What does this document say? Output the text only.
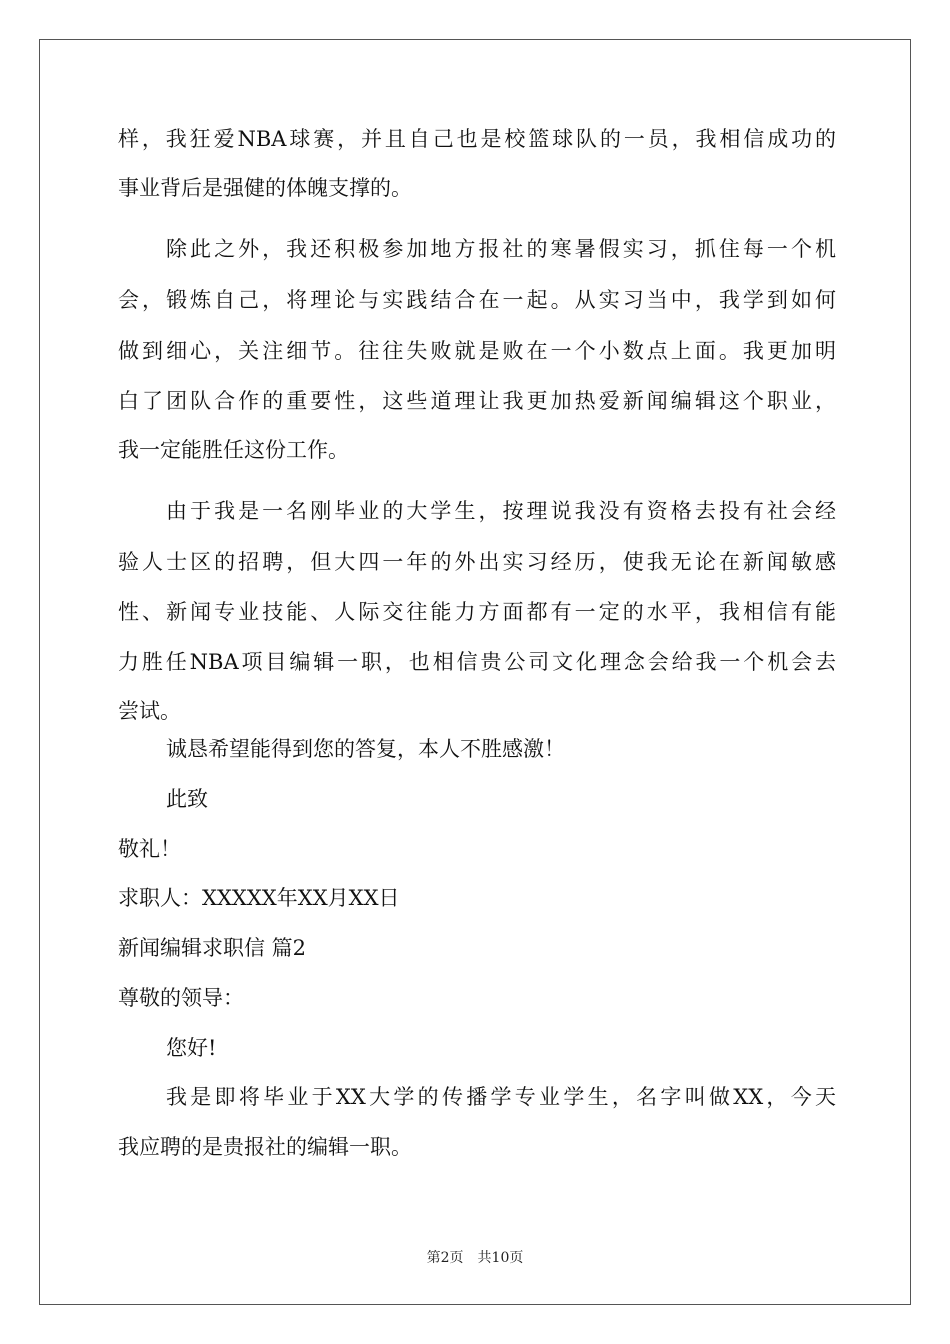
样，我狂爱NBA球赛，并且自己也是校篮球队的一员，我相信成功的
事业背后是强健的体魄支撑的。
除此之外，我还积极参加地方报社的寒暑假实习，抓住每一个机
会，锻炼自己，将理论与实践结合在一起。从实习当中，我学到如何
做到细心，关注细节。往往失败就是败在一个小数点上面。我更加明
白了团队合作的重要性，这些道理让我更加热爱新闻编辑这个职业，
我一定能胜任这份工作。
由于我是一名刚毕业的大学生，按理说我没有资格去投有社会经
验人士区的招聘，但大四一年的外出实习经历，使我无论在新闻敏感
性、新闻专业技能、人际交往能力方面都有一定的水平，我相信有能
力胜任NBA项目编辑一职，也相信贵公司文化理念会给我一个机会去
尝试。
诚恳希望能得到您的答复，本人不胜感激！
此致
敬礼！
求职人：XXXXX年XX月XX日
新闻编辑求职信 篇2
尊敬的领导：
您好!
我是即将毕业于XX大学的传播学专业学生，名字叫做XX，今天
我应聘的是贵报社的编辑一职。
第2页　共10页
